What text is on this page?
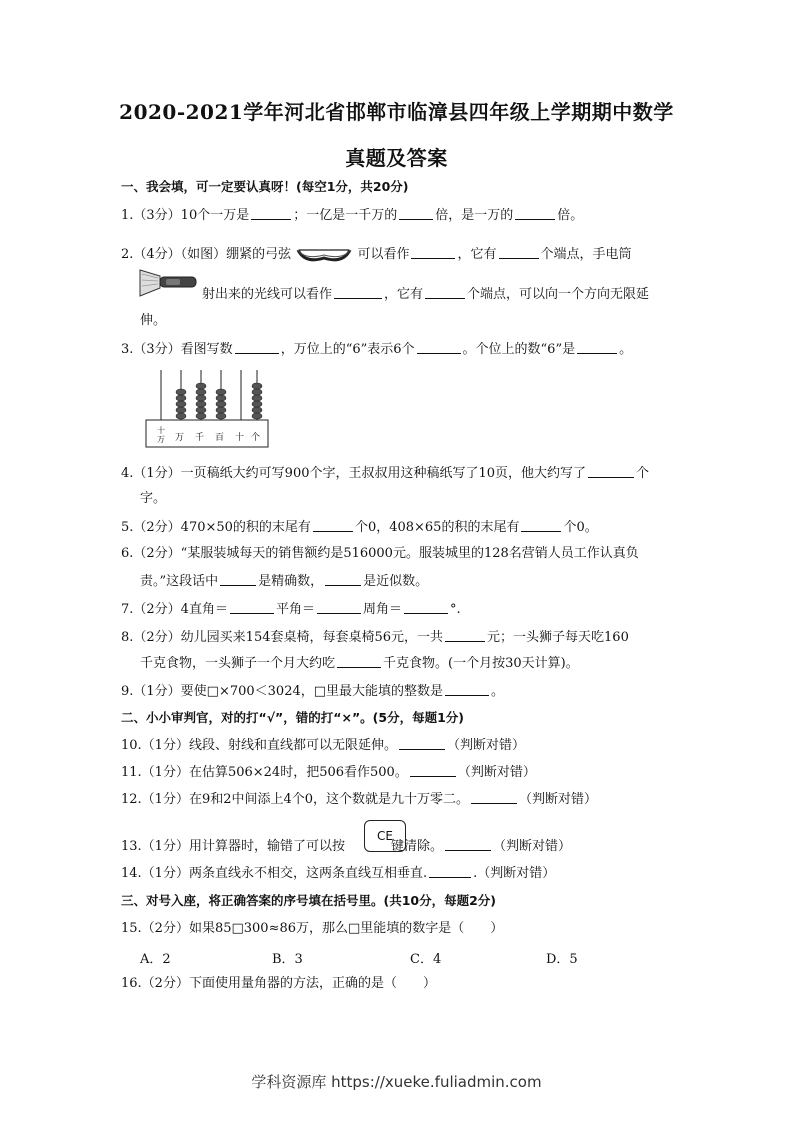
2020-2021学年河北省邯郸市临漳县四年级上学期期中数学
真题及答案
一、我会填，可一定要认真呀！(每空1分，共20分)
1.（3分）10个一万是	；一亿是一千万的	倍，是一万的	倍。
2.（4分）（如图）绷紧的弓弦	可以看作	，它有	个端点，手电筒
射出来的光线可以看作	，它有	个端点，可以向一个方向无限延
伸。
3.（3分）看图写数	，万位上的“6”表示6个	。个位上的数“6”是	。
十万	万 千 百 十 个
4.（1分）一页稿纸大约可写900个字，王叔叔用这种稿纸写了10页，他大约写了	个
字。
5.（2分）470×50的积的末尾有	个0，408×65的积的末尾有	个0。
6.（2分）“某服装城每天的销售额约是516000元。服装城里的128名营销人员工作认真负
责。”这段话中	是精确数，	是近似数。
7.（2分）4直角＝	平角＝	周角＝	°.
8.（2分）幼儿园买来154套桌椅，每套桌椅56元，一共	元；一头狮子每天吃160
千克食物，一头狮子一个月大约吃	千克食物。(一个月按30天计算)。
9.（1分）要使□×700＜3024，□里最大能填的整数是	。
二、小小审判官，对的打“√”，错的打“×”。(5分，每题1分)
10.（1分）线段、射线和直线都可以无限延伸。	（判断对错）
11.（1分）在估算506×24时，把506看作500。	（判断对错）
12.（1分）在9和2中间添上4个0，这个数就是九十万零二。	（判断对错）
13.（1分）用计算器时，输错了可以按	键清除。	（判断对错）
CE
14.（1分）两条直线永不相交，这两条直线互相垂直.	.（判断对错）
三、对号入座，将正确答案的序号填在括号里。(共10分，每题2分)
15.（2分）如果85□300≈86万，那么□里能填的数字是（　　）
A．2	B．3	C．4	D．5
16.（2分）下面使用量角器的方法，正确的是（　　）
学科资源库 https://xueke.fuliadmin.com
